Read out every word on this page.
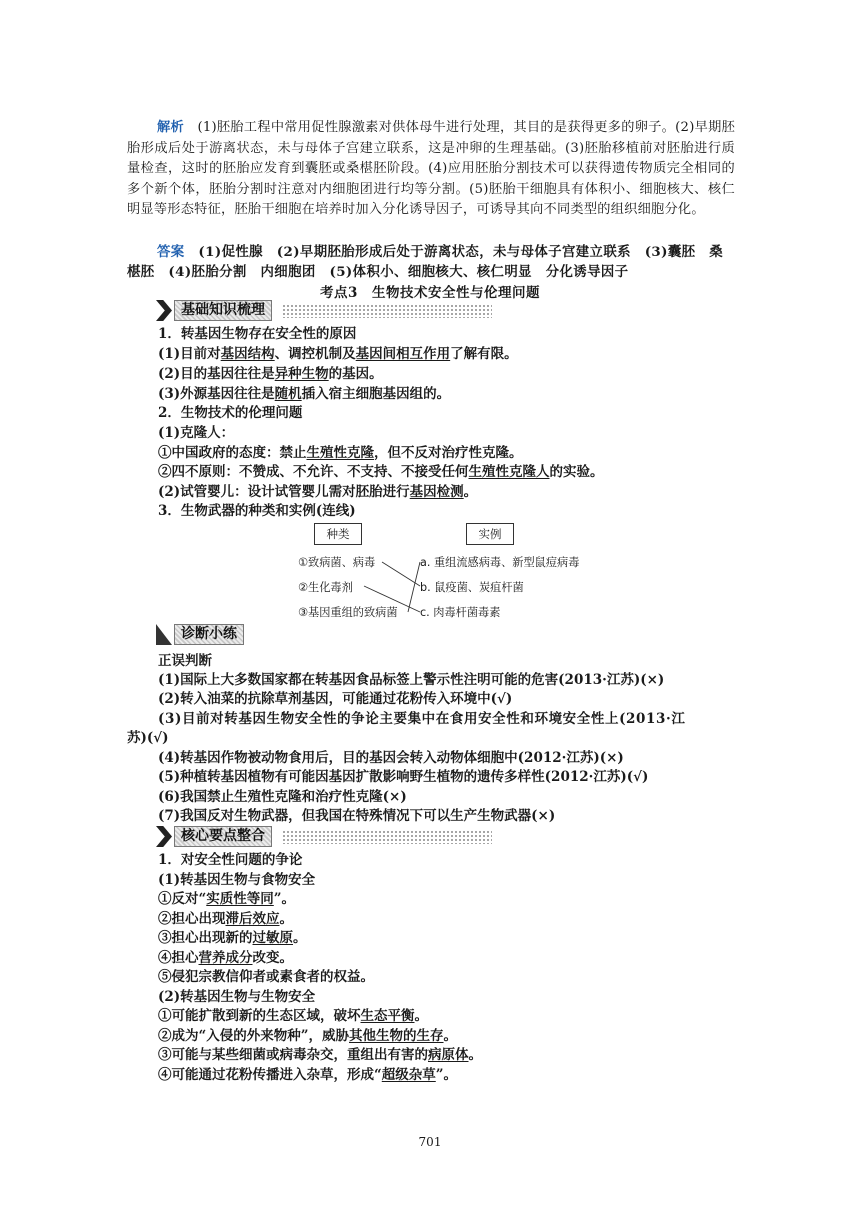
解析　 (1)胚胎工程中常用促性腺激素对供体母牛进行处理，其目的是获得更多的卵子。(2)早期胚胎形成后处于游离状态，未与母体子宫建立联系，这是冲卵的生理基础。(3)胚胎移植前对胚胎进行质量检查，这时的胚胎应发育到囊胚或桑椹胚阶段。(4)应用胚胎分割技术可以获得遗传物质完全相同的多个新个体，胚胎分割时注意对内细胞团进行均等分割。(5)胚胎干细胞具有体积小、细胞核大、核仁明显等形态特征，胚胎干细胞在培养时加入分化诱导因子，可诱导其向不同类型的组织细胞分化。

答案　 (1)促性腺　(2)早期胚胎形成后处于游离状态，未与母体子宫建立联系　(3)囊胚　桑椹胚　(4)胚胎分割　内细胞团　(5)体积小、细胞核大、核仁明显　分化诱导因子

考点3　生物技术安全性与伦理问题
基础知识梳理
1．转基因生物存在安全性的原因
(1)目前对基因结构、调控机制及基因间相互作用了解有限。
(2)目的基因往往是异种生物的基因。
(3)外源基因往往是随机插入宿主细胞基因组的。
2．生物技术的伦理问题
(1)克隆人：
①中国政府的态度：禁止生殖性克隆，但不反对治疗性克隆。
②四不原则：不赞成、不允许、不支持、不接受任何生殖性克隆人的实验。
(2)试管婴儿：设计试管婴儿需对胚胎进行基因检测。
3．生物武器的种类和实例(连线)
种类	实例
①致病菌、病毒
②生化毒剂
③基因重组的致病菌
a. 重组流感病毒、新型鼠痘病毒
b. 鼠疫菌、炭疽杆菌
c. 肉毒杆菌毒素
诊断小练
正误判断
(1)国际上大多数国家都在转基因食品标签上警示性注明可能的危害(2013·江苏)(×)
(2)转入油菜的抗除草剂基因，可能通过花粉传入环境中(√)
(3)目前对转基因生物安全性的争论主要集中在食用安全性和环境安全性上(2013·江
苏)(√)
(4)转基因作物被动物食用后，目的基因会转入动物体细胞中(2012·江苏)(×)
(5)种植转基因植物有可能因基因扩散影响野生植物的遗传多样性(2012·江苏)(√)
(6)我国禁止生殖性克隆和治疗性克隆(×)
(7)我国反对生物武器，但我国在特殊情况下可以生产生物武器(×)
核心要点整合
1．对安全性问题的争论
(1)转基因生物与食物安全
①反对“实质性等同”。
②担心出现滞后效应。
③担心出现新的过敏原。
④担心营养成分改变。
⑤侵犯宗教信仰者或素食者的权益。
(2)转基因生物与生物安全
①可能扩散到新的生态区域，破坏生态平衡。
②成为“入侵的外来物种”，威胁其他生物的生存。
③可能与某些细菌或病毒杂交，重组出有害的病原体。
④可能通过花粉传播进入杂草，形成“超级杂草”。
701
